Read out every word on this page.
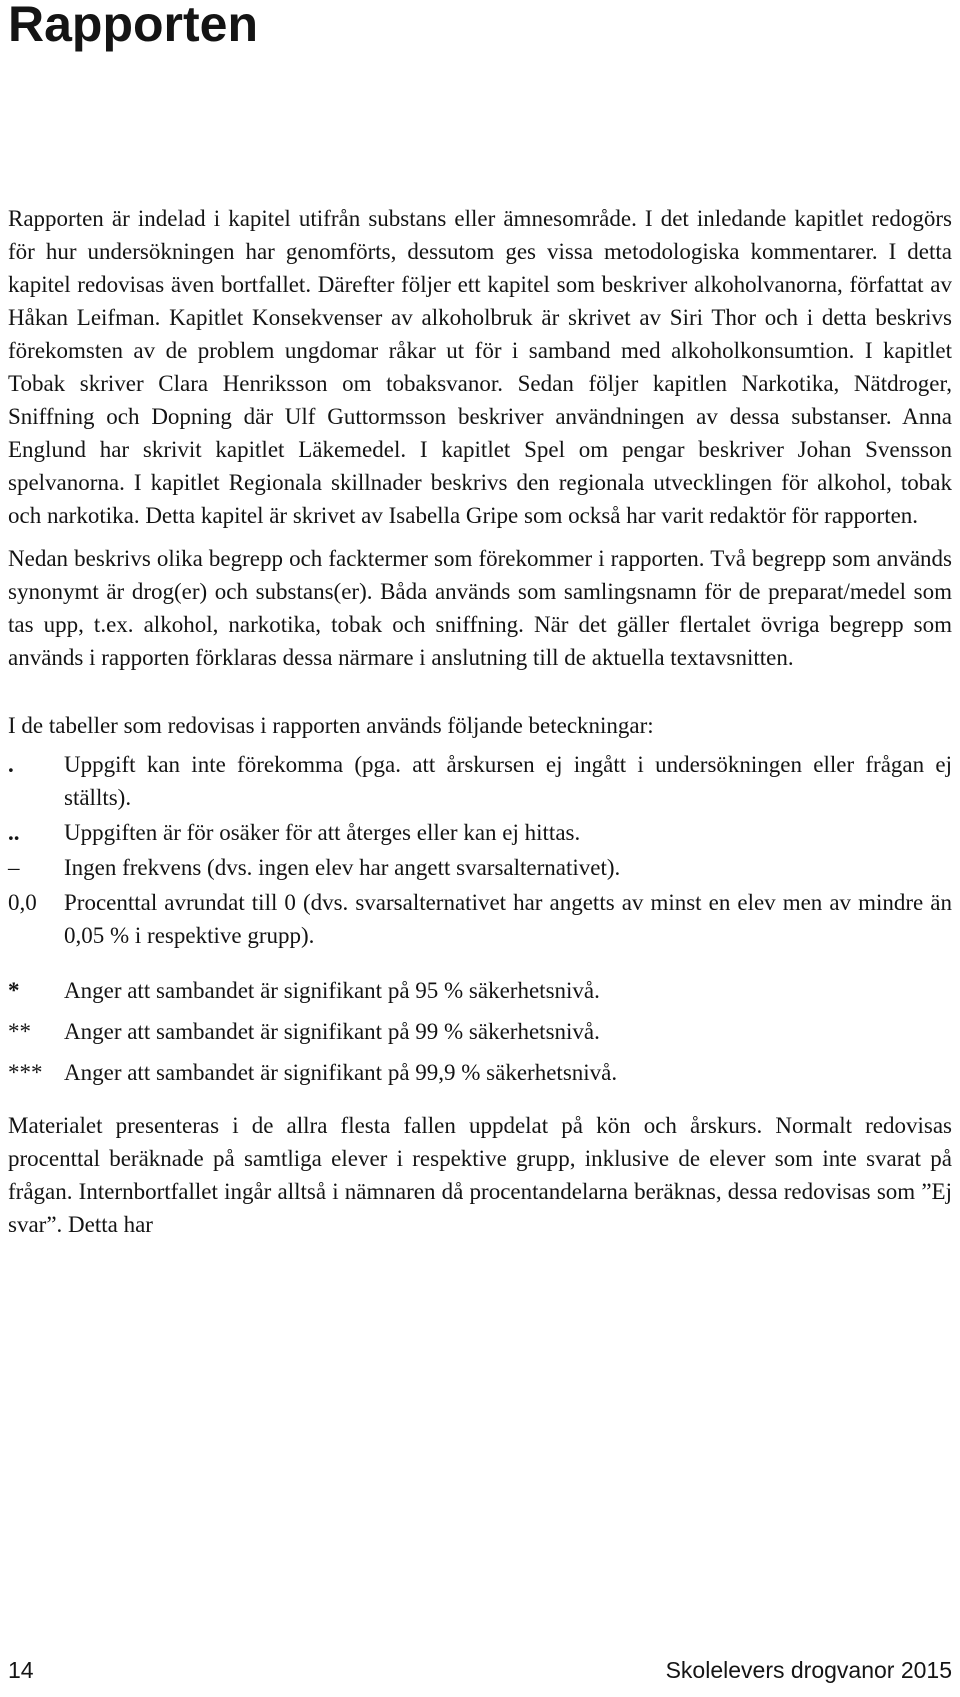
Rapporten

Rapporten är indelad i kapitel utifrån substans eller ämnesområde. I det inledande kapitlet redogörs för hur undersökningen har genomförts, dessutom ges vissa metodologiska kommentarer. I detta kapitel redovisas även bortfallet. Därefter följer ett kapitel som beskriver alkoholvanorna, författat av Håkan Leifman. Kapitlet Konsekvenser av alkoholbruk är skrivet av Siri Thor och i detta beskrivs förekomsten av de problem ungdomar råkar ut för i samband med alkoholkonsumtion. I kapitlet Tobak skriver Clara Henriksson om tobaksvanor. Sedan följer kapitlen Narkotika, Nätdroger, Sniffning och Dopning där Ulf Guttormsson beskriver användningen av dessa substanser. Anna Englund har skrivit kapitlet Läkemedel. I kapitlet Spel om pengar beskriver Johan Svensson spelvanorna. I kapitlet Regionala skillnader beskrivs den regionala utvecklingen för alkohol, tobak och narkotika. Detta kapitel är skrivet av Isabella Gripe som också har varit redaktör för rapporten.

Nedan beskrivs olika begrepp och facktermer som förekommer i rapporten. Två begrepp som används synonymt är drog(er) och substans(er). Båda används som samlingsnamn för de preparat/medel som tas upp, t.ex. alkohol, narkotika, tobak och sniffning. När det gäller flertalet övriga begrepp som används i rapporten förklaras dessa närmare i anslutning till de aktuella textavsnitten.

I de tabeller som redovisas i rapporten används följande beteckningar:

.	Uppgift kan inte förekomma (pga. att årskursen ej ingått i undersökningen eller frågan ej ställts).
..	Uppgiften är för osäker för att återges eller kan ej hittas.
–	Ingen frekvens (dvs. ingen elev har angett svarsalternativet).
0,0	Procenttal avrundat till 0 (dvs. svarsalternativet har angetts av minst en elev men av mindre än 0,05 % i respektive grupp).
*	Anger att sambandet är signifikant på 95 % säkerhetsnivå.
**	Anger att sambandet är signifikant på 99 % säkerhetsnivå.
*** Anger att sambandet är signifikant på 99,9 % säkerhetsnivå.

Materialet presenteras i de allra flesta fallen uppdelat på kön och årskurs. Normalt redovisas procenttal beräknade på samtliga elever i respektive grupp, inklusive de elever som inte svarat på frågan. Internbortfallet ingår alltså i nämnaren då procentandelarna beräknas, dessa redovisas som ”Ej svar”. Detta har

14	Skolelevers drogvanor 2015
